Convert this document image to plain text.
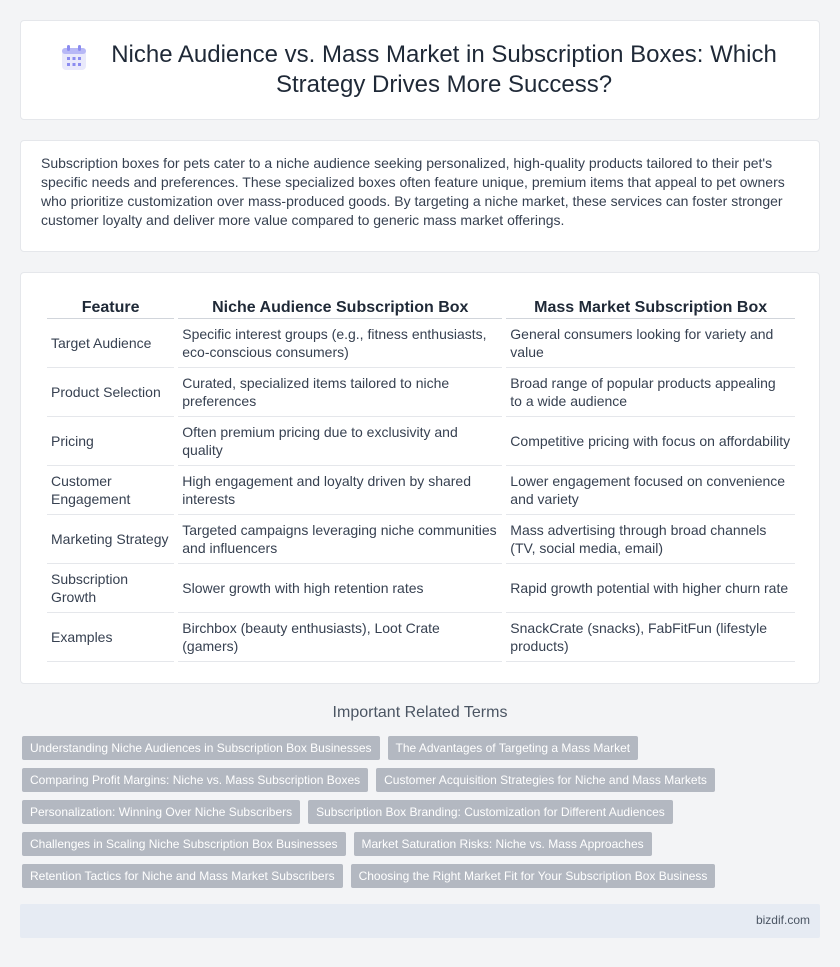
Niche Audience vs. Mass Market in Subscription Boxes: Which Strategy Drives More Success?

Subscription boxes for pets cater to a niche audience seeking personalized, high-quality products tailored to their pet's specific needs and preferences. These specialized boxes often feature unique, premium items that appeal to pet owners who prioritize customization over mass-produced goods. By targeting a niche market, these services can foster stronger customer loyalty and deliver more value compared to generic mass market offerings.

Feature	Niche Audience Subscription Box	Mass Market Subscription Box
Target Audience	Specific interest groups (e.g., fitness enthusiasts, eco-conscious consumers)	General consumers looking for variety and value
Product Selection	Curated, specialized items tailored to niche preferences	Broad range of popular products appealing to a wide audience
Pricing	Often premium pricing due to exclusivity and quality	Competitive pricing with focus on affordability
Customer Engagement	High engagement and loyalty driven by shared interests	Lower engagement focused on convenience and variety
Marketing Strategy	Targeted campaigns leveraging niche communities and influencers	Mass advertising through broad channels (TV, social media, email)
Subscription Growth	Slower growth with high retention rates	Rapid growth potential with higher churn rate
Examples	Birchbox (beauty enthusiasts), Loot Crate (gamers)	SnackCrate (snacks), FabFitFun (lifestyle products)
Important Related Terms
Understanding Niche Audiences in Subscription Box Businesses	The Advantages of Targeting a Mass Market
Comparing Profit Margins: Niche vs. Mass Subscription Boxes	Customer Acquisition Strategies for Niche and Mass Markets
Personalization: Winning Over Niche Subscribers	Subscription Box Branding: Customization for Different Audiences
Challenges in Scaling Niche Subscription Box Businesses	Market Saturation Risks: Niche vs. Mass Approaches
Retention Tactics for Niche and Mass Market Subscribers	Choosing the Right Market Fit for Your Subscription Box Business
bizdif.com
